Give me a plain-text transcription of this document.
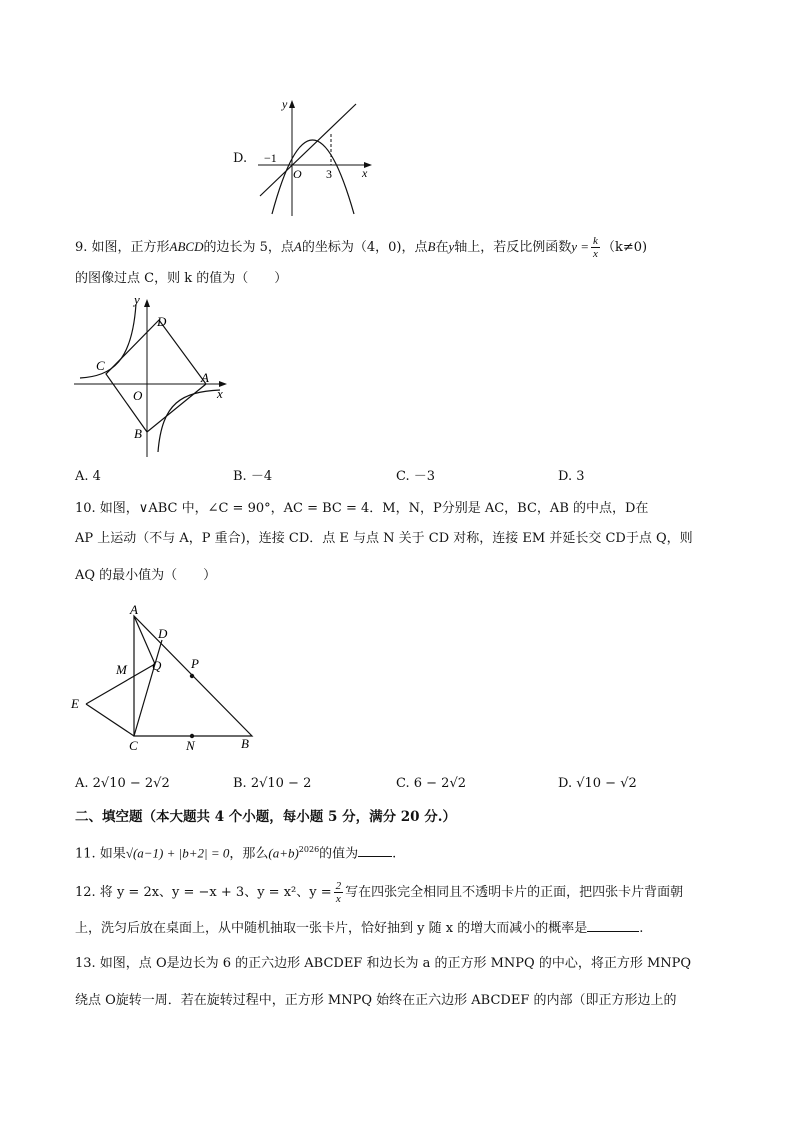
D.
y
x
O
−1
3
9. 如图，正方形ABCD的边长为 5，点A的坐标为（4，0)，点B在y轴上，若反比例函数$y = \frac{k}{x} (k\ne 0)$
的图像过点 C，则 k 的值为（　　）
y
x
O
A
B
C
D
A. 4	B. －4	C. －3	D. 3
10. 如图，∨ABC 中，∠C = 90°，AC = BC = 4．M，N，P分别是 AC，BC，AB 的中点，D在
AP 上运动（不与 A，P 重合)，连接 CD．点 E 与点 N 关于 CD 对称，连接 EM 并延长交 CD于点 Q，则
AQ 的最小值为（　　）
A
D
M Q P
E
C	N	B
A. 2√10 − 2√2	B. 2√10 − 2	C. 6 − 2√2	D. √10 − √2
二、填空题（本大题共 4 个小题，每小题 5 分，满分 20 分.）
11. 如果√(a−1) + |b+2| = 0，那么$(a+b)^{2026}$的值为	.
12. 将 y = 2x、y = −x + 3、y = x²、$y = \frac{2}{x}$ 写在四张完全相同且不透明卡片的正面，把四张卡片背面朝
上，洗匀后放在桌面上，从中随机抽取一张卡片，恰好抽到 y 随 x 的增大而减小的概率是	.
13. 如图，点 O是边长为 6 的正六边形 ABCDEF 和边长为 a 的正方形 MNPQ 的中心，将正方形 MNPQ
绕点 O旋转一周．若在旋转过程中，正方形 MNPQ 始终在正六边形 ABCDEF 的内部（即正方形边上的
